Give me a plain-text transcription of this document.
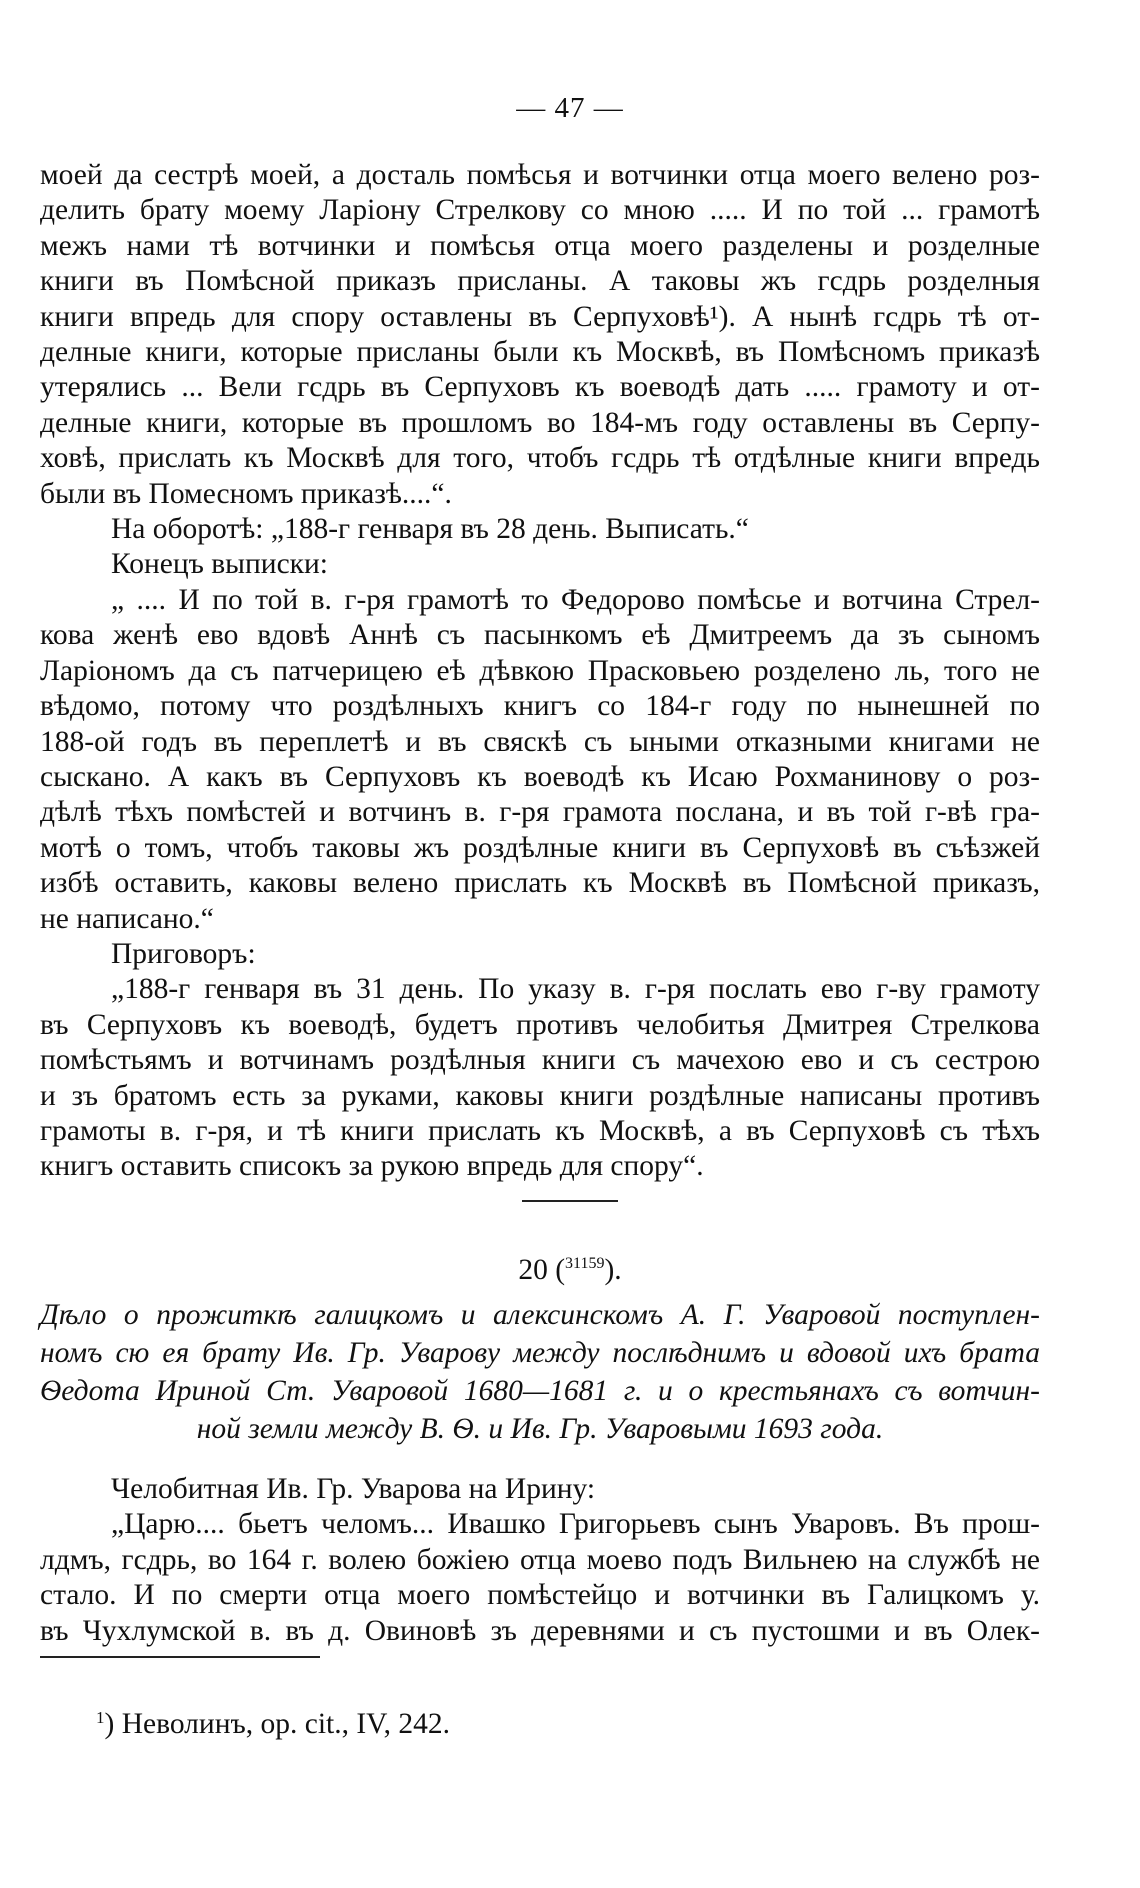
— 47 —

моей да сестрѣ моей, а досталь помѣсья и вотчинки отца моего велено роз-

делить брату моему Ларіону Стрелкову со мною ..... И по той ... грамотѣ

межъ нами тѣ вотчинки и помѣсья отца моего разделены и розделные

книги въ Помѣсной приказъ присланы. А таковы жъ гсдрь розделныя

книги впредь для спору оставлены въ Серпуховѣ¹). А нынѣ гсдрь тѣ от-

делные книги, которые присланы были къ Москвѣ, въ Помѣсномъ приказѣ

утерялись ... Вели гсдрь въ Серпуховъ къ воеводѣ дать ..... грамоту и от-

делные книги, которые въ прошломъ во 184-мъ году оставлены въ Серпу-

ховѣ, прислать къ Москвѣ для того, чтобъ гсдрь тѣ отдѣлные книги впредь

были въ Помесномъ приказѣ....“.

На оборотѣ: „188-г генваря въ 28 день. Выписать.“

Конецъ выписки:

„ .... И по той в. г-ря грамотѣ то Федорово помѣсье и вотчина Стрел-

кова женѣ ево вдовѣ Аннѣ съ пасынкомъ еѣ Дмитреемъ да зъ сыномъ

Ларіономъ да съ патчерицею еѣ дѣвкою Прасковьею розделено ль, того не

вѣдомо, потому что роздѣлныхъ книгъ со 184-г году по нынешней по

188-ой годъ въ переплетѣ и въ свяскѣ съ ыными отказными книгами не

сыскано. А какъ въ Серпуховъ къ воеводѣ къ Исаю Рохманинову о роз-

дѣлѣ тѣхъ помѣстей и вотчинъ в. г-ря грамота послана, и въ той г-вѣ гра-

мотѣ о томъ, чтобъ таковы жъ роздѣлные книги въ Серпуховѣ въ съѣзжей

избѣ оставить, каковы велено прислать къ Москвѣ въ Помѣсной приказъ,

не написано.“

Приговоръ:

„188-г генваря въ 31 день. По указу в. г-ря послать ево г-ву грамоту

въ Серпуховъ къ воеводѣ, будетъ противъ челобитья Дмитрея Стрелкова

помѣстьямъ и вотчинамъ роздѣлныя книги съ мачехою ево и съ сестрою

и зъ братомъ есть за руками, каковы книги роздѣлные написаны противъ

грамоты в. г-ря, и тѣ книги прислать къ Москвѣ, а въ Серпуховѣ съ тѣхъ

книгъ оставить списокъ за рукою впредь для спору“.

20 ($^{31159}$).

Дѣло о прожиткѣ галицкомъ и алексинскомъ А. Г. Уваровой поступлен-

номъ сю ея брату Ив. Гр. Уварову между послѣднимъ и вдовой ихъ брата

Ѳедота Ириной Ст. Уваровой 1680—1681 г. и о крестьянахъ съ вотчин-

ной земли между В. Ѳ. и Ив. Гр. Уваровыми 1693 года.

Челобитная Ив. Гр. Уварова на Ирину:

„Царю.... бьетъ челомъ... Ивашко Григорьевъ сынъ Уваровъ. Въ прош-

лдмъ, гсдрь, во 164 г. волею божіею отца моево подъ Вильнею на службѣ не

стало. И по смерти отца моего помѣстейцо и вотчинки въ Галицкомъ у.

въ Чухлумской в. въ д. Овиновѣ зъ деревнями и съ пустошми и въ Олек-

$^1$) Неволинъ, op. cit., IV, 242.
